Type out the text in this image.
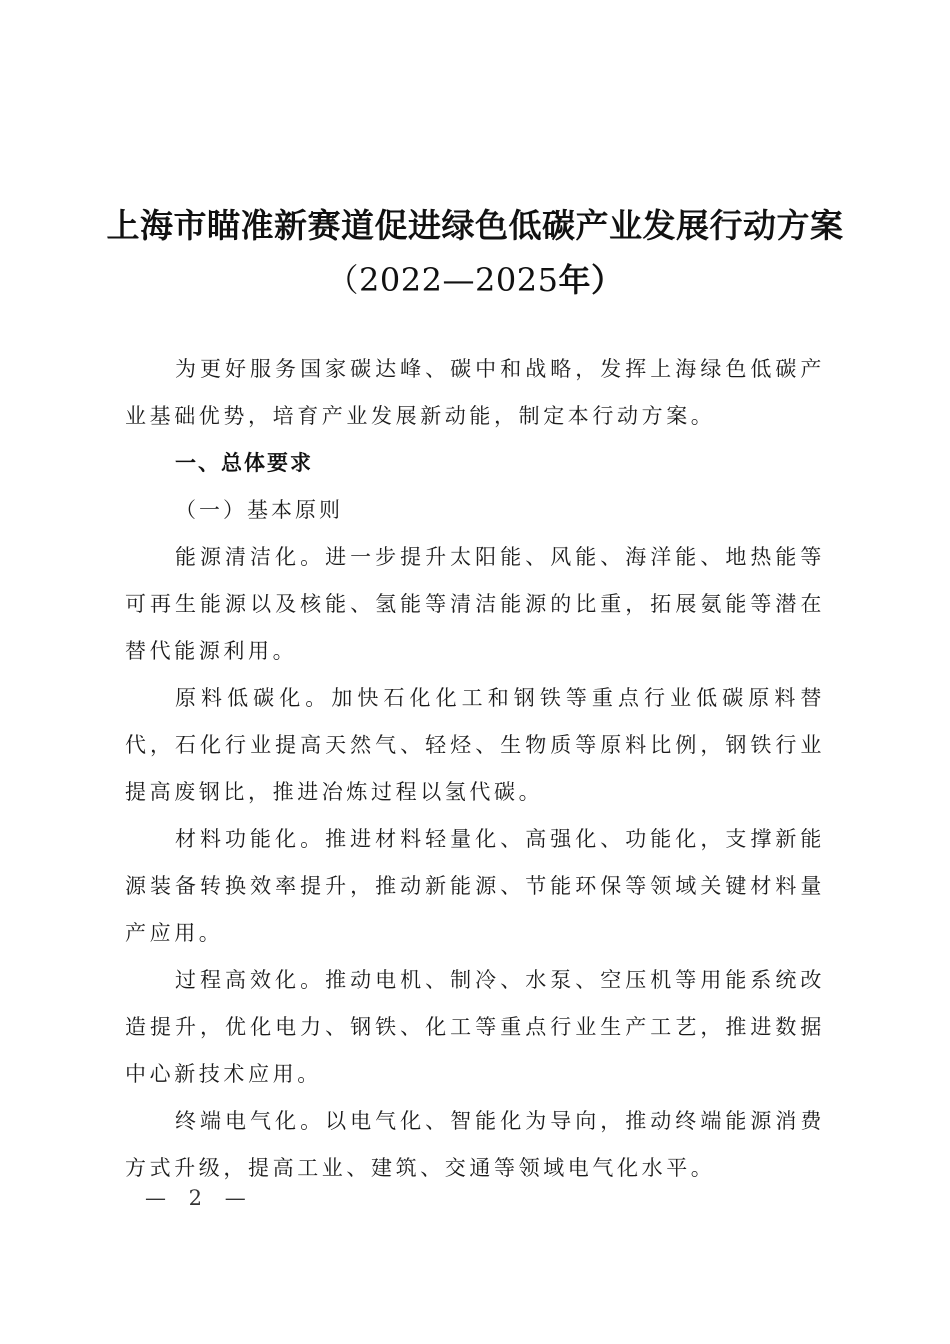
上海市瞄准新赛道促进绿色低碳产业发展行动方案
（2022—2025年）

为更好服务国家碳达峰、碳中和战略，发挥上海绿色低碳产业基础优势，培育产业发展新动能，制定本行动方案。

一、总体要求

（一）基本原则

能源清洁化。进一步提升太阳能、风能、海洋能、地热能等可再生能源以及核能、氢能等清洁能源的比重，拓展氨能等潜在替代能源利用。

原料低碳化。加快石化化工和钢铁等重点行业低碳原料替代，石化行业提高天然气、轻烃、生物质等原料比例，钢铁行业提高废钢比，推进冶炼过程以氢代碳。

材料功能化。推进材料轻量化、高强化、功能化，支撑新能源装备转换效率提升，推动新能源、节能环保等领域关键材料量产应用。

过程高效化。推动电机、制冷、水泵、空压机等用能系统改造提升，优化电力、钢铁、化工等重点行业生产工艺，推进数据中心新技术应用。

终端电气化。以电气化、智能化为导向，推动终端能源消费方式升级，提高工业、建筑、交通等领域电气化水平。

— 2 —
